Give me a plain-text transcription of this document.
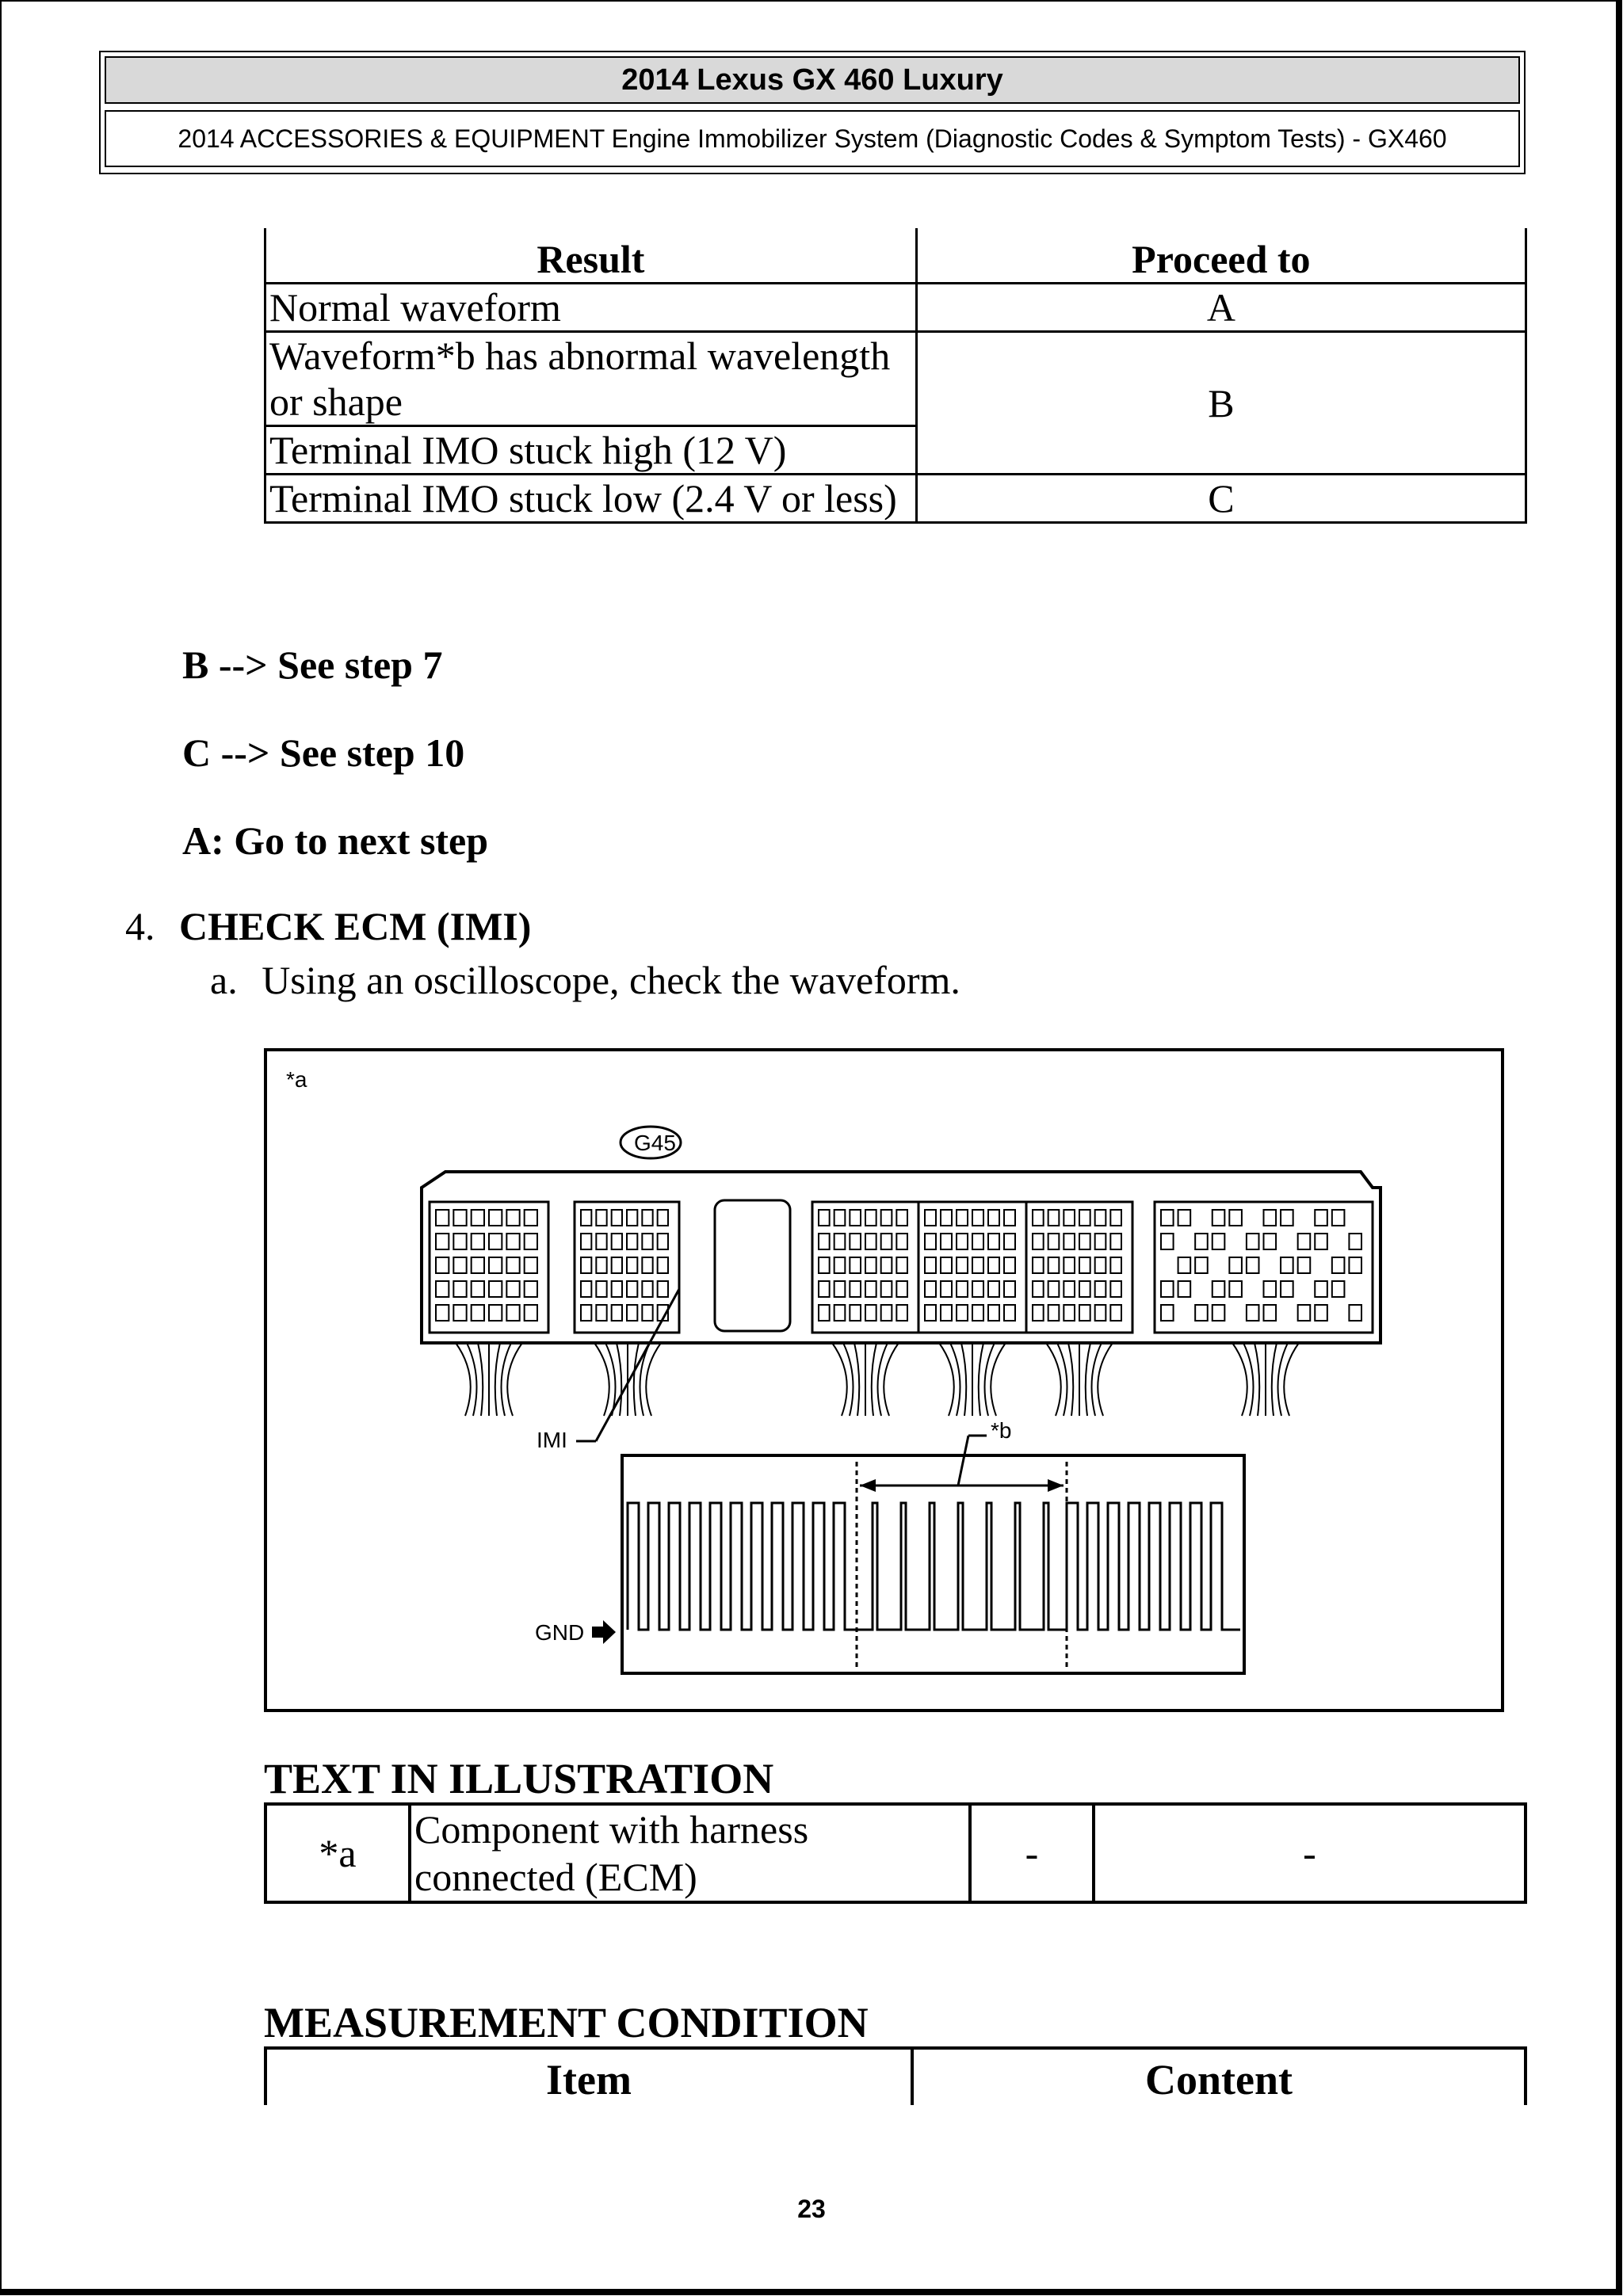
2014 Lexus GX 460 Luxury
2014 ACCESSORIES & EQUIPMENT Engine Immobilizer System (Diagnostic Codes & Symptom Tests) - GX460
Result	Proceed to
Normal waveform	A
Waveform*b has abnormal wavelength or shape	B
Terminal IMO stuck high (12 V)	
Terminal IMO stuck low (2.4 V or less)	C
B --> See step 7
C --> See step 10
A: Go to next step
4. CHECK ECM (IMI)
a. Using an oscilloscope, check the waveform.
*a
G45
IMI	*b
GND
TEXT IN ILLUSTRATION
*a	Component with harness connected (ECM)	-	-
MEASUREMENT CONDITION
Item	Content
23
